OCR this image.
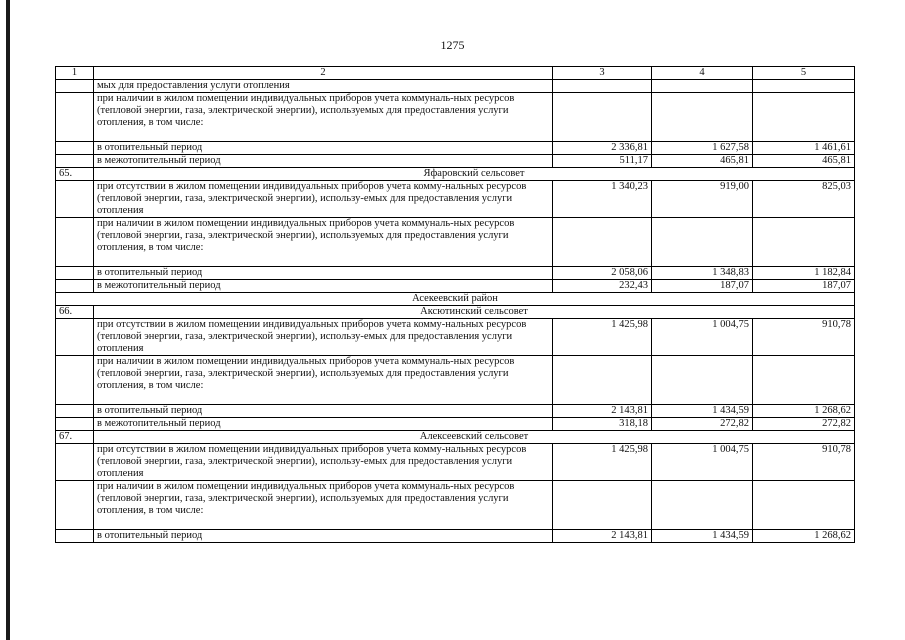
1275
1	2	3	4	5
	мых для предоставления услуги отопления			
	при наличии в жилом помещении индивидуальных приборов учета коммуналь-ных ресурсов (тепловой энергии, газа, электрической энергии), используемых для предоставления услуги отопления, в том числе:			
	в отопительный период	2 336,81	1 627,58	1 461,61
	в межотопительный период	511,17	465,81	465,81
65.	Яфаровский сельсовет			
	при отсутствии в жилом помещении индивидуальных приборов учета комму-нальных ресурсов (тепловой энергии, газа, электрической энергии), использу-емых для предоставления услуги отопления	1 340,23	919,00	825,03
	при наличии в жилом помещении индивидуальных приборов учета коммуналь-ных ресурсов (тепловой энергии, газа, электрической энергии), используемых для предоставления услуги отопления, в том числе:			
	в отопительный период	2 058,06	1 348,83	1 182,84
	в межотопительный период	232,43	187,07	187,07
Асекеевский район				
66.	Аксютинский сельсовет			
	при отсутствии в жилом помещении индивидуальных приборов учета комму-нальных ресурсов (тепловой энергии, газа, электрической энергии), использу-емых для предоставления услуги отопления	1 425,98	1 004,75	910,78
	при наличии в жилом помещении индивидуальных приборов учета коммуналь-ных ресурсов (тепловой энергии, газа, электрической энергии), используемых для предоставления услуги отопления, в том числе:			
	в отопительный период	2 143,81	1 434,59	1 268,62
	в межотопительный период	318,18	272,82	272,82
67.	Алексеевский сельсовет			
	при отсутствии в жилом помещении индивидуальных приборов учета комму-нальных ресурсов (тепловой энергии, газа, электрической энергии), использу-емых для предоставления услуги отопления	1 425,98	1 004,75	910,78
	при наличии в жилом помещении индивидуальных приборов учета коммуналь-ных ресурсов (тепловой энергии, газа, электрической энергии), используемых для предоставления услуги отопления, в том числе:			
	в отопительный период	2 143,81	1 434,59	1 268,62
